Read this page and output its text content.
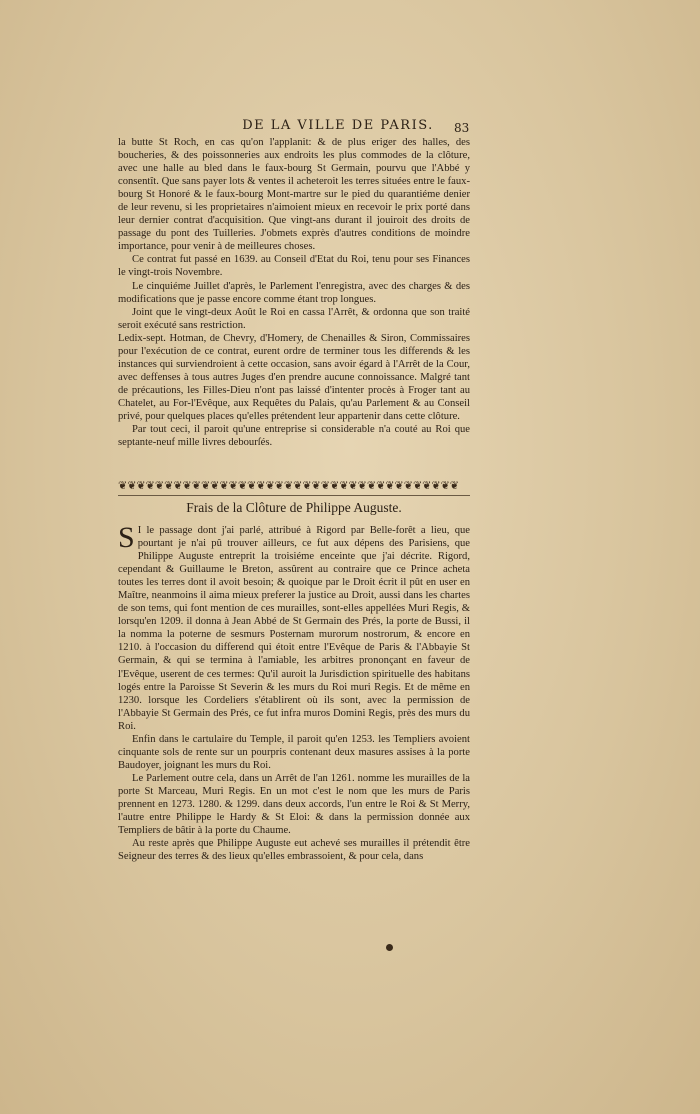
DE LA VILLE DE PARIS.	83

la butte St Roch, en cas qu'on l'applanit: & de plus eriger des halles, des boucheries, & des poissonneries aux endroits les plus commodes de la clôture, avec une halle au bled dans le faux-bourg St Germain, pourvu que l'Abbé y consentît. Que sans payer lots & ventes il acheteroit les terres situées entre le faux-bourg St Honoré & le faux-bourg Mont-martre sur le pied du quarantiéme denier de leur revenu, si les proprietaires n'aimoient mieux en recevoir le prix porté dans leur dernier contrat d'acquisition. Que vingt-ans durant il jouiroit des droits de passage du pont des Tuilleries. J'obmets exprès d'autres conditions de moindre importance, pour venir à de meilleures choses.

Ce contrat fut passé en 1639. au Conseil d'Etat du Roi, tenu pour ses Finances le vingt-trois Novembre.

Le cinquiéme Juillet d'après, le Parlement l'enregistra, avec des charges & des modifications que je passe encore comme étant trop longues.

Joint que le vingt-deux Août le Roi en cassa l'Arrêt, & ordonna que son traité seroit exécuté sans restriction.

Ledix-sept. Hotman, de Chevry, d'Homery, de Chenailles & Siron, Commissaires pour l'exécution de ce contrat, eurent ordre de terminer tous les differends & les instances qui surviendroient à cette occasion, sans avoir égard à l'Arrêt de la Cour, avec deffenses à tous autres Juges d'en prendre aucune connoissance. Malgré tant de précautions, les Filles-Dieu n'ont pas laissé d'intenter procès à Froger tant au Chatelet, au For-l'Evêque, aux Requêtes du Palais, qu'au Parlement & au Conseil privé, pour quelques places qu'elles prétendent leur appartenir dans cette clôture.

Par tout ceci, il paroit qu'une entreprise si considerable n'a couté au Roi que septante-neuf mille livres debourſés.

❦❦❦❦❦❦❦❦❦❦❦❦❦❦❦❦❦❦❦❦❦❦❦❦❦❦❦❦❦❦❦❦❦❦❦❦❦
Frais de la Clôture de Philippe Auguste.

S I le passage dont j'ai parlé, attribué à Rigord par Belle-forêt a lieu, que pourtant je n'ai pû trouver ailleurs, ce fut aux dépens des Parisiens, que Philippe Auguste entreprit la troisiéme enceinte que j'ai décrite. Rigord, cependant & Guillaume le Breton, assûrent au contraire que ce Prince acheta toutes les terres dont il avoit besoin; & quoique par le Droit écrit il pût en user en Maître, neanmoins il aima mieux preferer la justice au Droit, aussi dans les chartes de son tems, qui font mention de ces murailles, sont-elles appellées Muri Regis, & lorsqu'en 1209. il donna à Jean Abbé de St Germain des Prés, la porte de Bussi, il la nomma la poterne de sesmurs Posternam murorum nostrorum, & encore en 1210. à l'occasion du differend qui étoit entre l'Evêque de Paris & l'Abbayie St Germain, & qui se termina à l'amiable, les arbitres prononçant en faveur de l'Evêque, userent de ces termes: Qu'il auroit la Jurisdiction spirituelle des habitans logés entre la Paroisse St Severin & les murs du Roi muri Regis. Et de même en 1230. lorsque les Cordeliers s'établirent où ils sont, avec la permission de l'Abbayie St Germain des Prés, ce fut infra muros Domini Regis, près des murs du Roi.

Enfin dans le cartulaire du Temple, il paroit qu'en 1253. les Templiers avoient cinquante sols de rente sur un pourpris contenant deux masures assises à la porte Baudoyer, joignant les murs du Roi.

Le Parlement outre cela, dans un Arrêt de l'an 1261. nomme les murailles de la porte St Marceau, Muri Regis. En un mot c'est le nom que les murs de Paris prennent en 1273. 1280. & 1299. dans deux accords, l'un entre le Roi & St Merry, l'autre entre Philippe le Hardy & St Eloi: & dans la permission donnée aux Templiers de bâtir à la porte du Chaume.

Au reste après que Philippe Auguste eut achevé ses murailles il prétendit être Seigneur des terres & des lieux qu'elles embrassoient, & pour cela, dans
